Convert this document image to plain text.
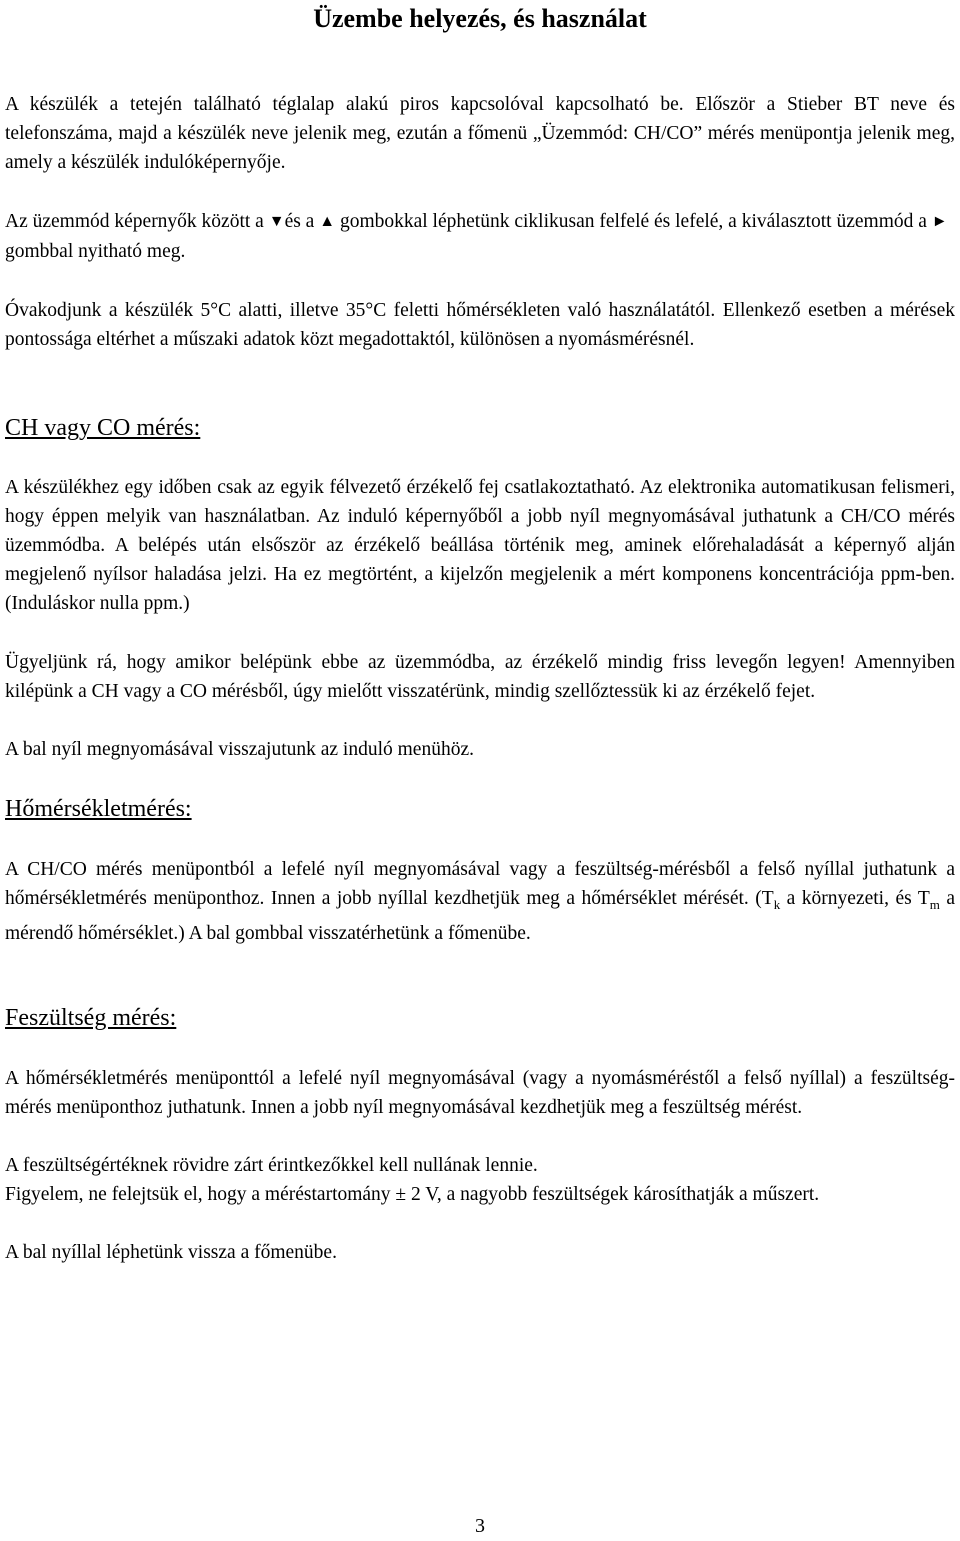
Üzembe helyezés, és használat

A készülék a tetején található téglalap alakú piros kapcsolóval kapcsolható be. Először a Stieber BT neve és telefonszáma, majd a készülék neve jelenik meg, ezután a főmenü „Üzemmód: CH/CO” mérés menüpontja jelenik meg, amely a készülék indulóképernyője.

Az üzemmód képernyők között a ▼és a ▲ gombokkal léphetünk ciklikusan felfelé és lefelé, a kiválasztott üzemmód a ►gombbal nyitható meg.

Óvakodjunk a készülék 5°C alatti, illetve 35°C feletti hőmérsékleten való használatától. Ellenkező esetben a mérések pontossága eltérhet a műszaki adatok közt megadottaktól, különösen a nyomásmérésnél.

CH vagy CO mérés:

A készülékhez egy időben csak az egyik félvezető érzékelő fej csatlakoztatható. Az elektronika automatikusan felismeri, hogy éppen melyik van használatban. Az induló képernyőből a jobb nyíl megnyomásával juthatunk a CH/CO mérés üzemmódba. A belépés után elsőször az érzékelő beállása történik meg, aminek előrehaladását a képernyő alján megjelenő nyílsor haladása jelzi. Ha ez megtörtént, a kijelzőn megjelenik a mért komponens koncentrációja ppm-ben. (Induláskor nulla ppm.)

Ügyeljünk rá, hogy amikor belépünk ebbe az üzemmódba, az érzékelő mindig friss levegőn legyen! Amennyiben kilépünk a CH vagy a CO mérésből, úgy mielőtt visszatérünk, mindig szellőztessük ki az érzékelő fejet.

A bal nyíl megnyomásával visszajutunk az induló menühöz.

Hőmérsékletmérés:

A CH/CO mérés menüpontból a lefelé nyíl megnyomásával vagy a feszültség-mérésből a felső nyíllal juthatunk a hőmérsékletmérés menüponthoz. Innen a jobb nyíllal kezdhetjük meg a hőmérséklet mérését. ($T_k$ a környezeti, és $T_m$ a mérendő hőmérséklet.) A bal gombbal visszatérhetünk a főmenübe.

Feszültség mérés:

A hőmérsékletmérés menüponttól a lefelé nyíl megnyomásával (vagy a nyomásméréstől a felső nyíllal) a feszültség-mérés menüponthoz juthatunk. Innen a jobb nyíl megnyomásával kezdhetjük meg a feszültség mérést.

A feszültségértéknek rövidre zárt érintkezőkkel kell nullának lennie.

Figyelem, ne felejtsük el, hogy a méréstartomány ± 2 V, a nagyobb feszültségek károsíthatják a műszert.

A bal nyíllal léphetünk vissza a főmenübe.

3
